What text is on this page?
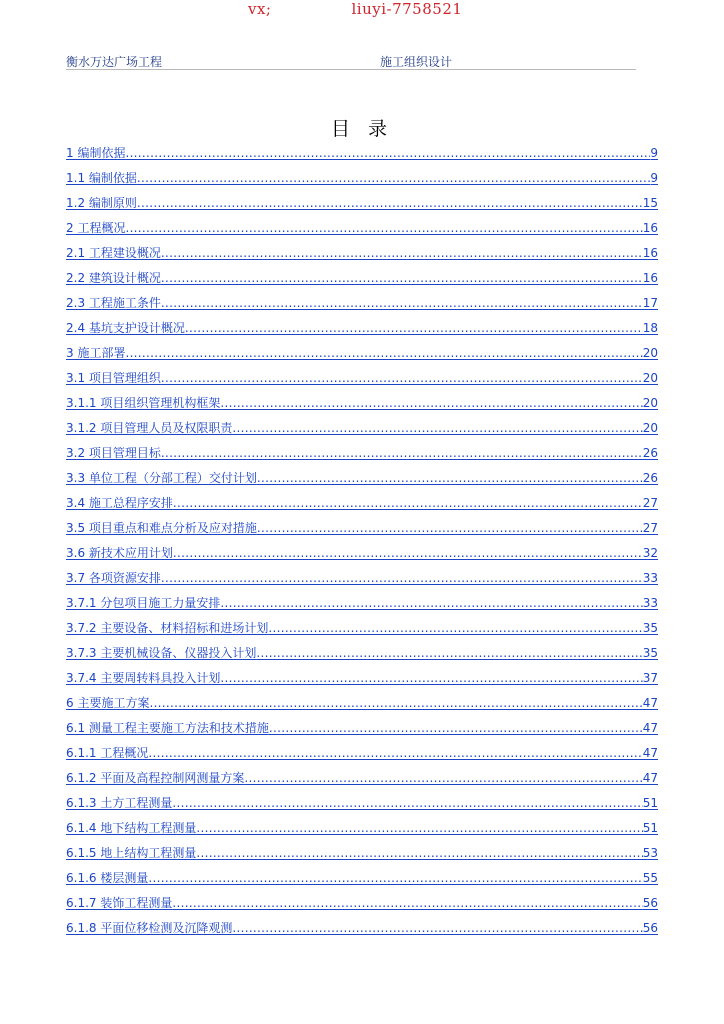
vx;	liuyi-7758521
衡水万达广场工程	施工组织设计
目 录
1 编制依据 .....	9
1.1 编制依据 .....	9
1.2 编制原则 .....	15
2 工程概况 .....	16
2.1 工程建设概况 .....	16
2.2 建筑设计概况 .....	16
2.3 工程施工条件 .....	17
2.4 基坑支护设计概况 .....	18
3 施工部署 .....	20
3.1 项目管理组织 .....	20
3.1.1 项目组织管理机构框架 .....	20
3.1.2 项目管理人员及权限职责 .....	20
3.2 项目管理目标 .....	26
3.3 单位工程（分部工程）交付计划 .....	26
3.4 施工总程序安排 .....	27
3.5 项目重点和难点分析及应对措施 .....	27
3.6 新技术应用计划 .....	32
3.7 各项资源安排 .....	33
3.7.1 分包项目施工力量安排 .....	33
3.7.2 主要设备、材料招标和进场计划 .....	35
3.7.3 主要机械设备、仪器投入计划 .....	35
3.7.4 主要周转料具投入计划 .....	37
6 主要施工方案 .....	47
6.1 测量工程主要施工方法和技术措施 .....	47
6.1.1 工程概况 .....	47
6.1.2 平面及高程控制网测量方案 .....	47
6.1.3 土方工程测量 .....	51
6.1.4 地下结构工程测量 .....	51
6.1.5 地上结构工程测量 .....	53
6.1.6 楼层测量 .....	55
6.1.7 装饰工程测量 .....	56
6.1.8 平面位移检测及沉降观测 .....	56
